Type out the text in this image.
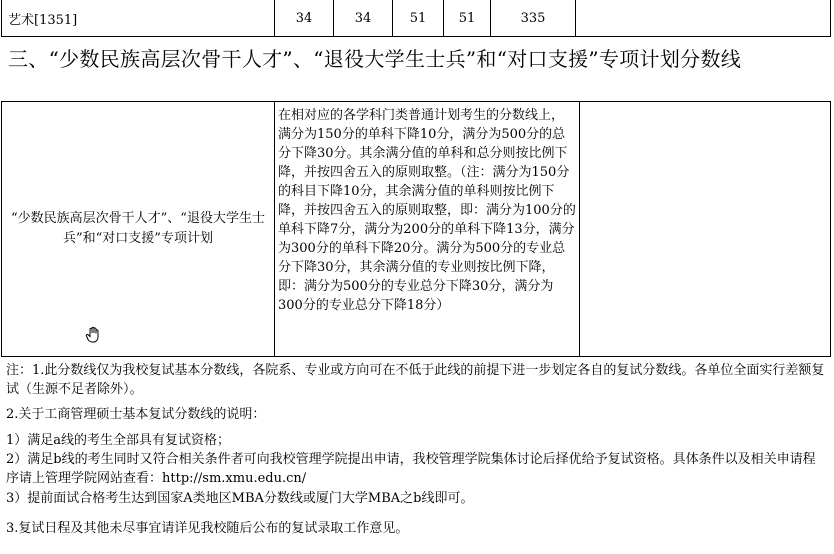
艺术[1351]	34	34	51	51	335	
三、“少数民族高层次骨干人才”、“退役大学生士兵”和“对口支援”专项计划分数线
“少数民族高层次骨干人才”、“退役大学生士兵”和“对口支援”专项计划	在相对应的各学科门类普通计划考生的分数线上，满分为150分的单科下降10分，满分为500分的总分下降30分。其余满分值的单科和总分则按比例下降，并按四舍五入的原则取整。（注：满分为150分的科目下降10分，其余满分值的单科则按比例下降，并按四舍五入的原则取整，即：满分为100分的单科下降7分，满分为200分的单科下降13分，满分为300分的单科下降20分。满分为500分的专业总分下降30分，其余满分值的专业则按比例下降，即：满分为500分的专业总分下降30分，满分为300分的专业总分下降18分）	
注：1.此分数线仅为我校复试基本分数线，各院系、专业或方向可在不低于此线的前提下进一步划定各自的复试分数线。各单位全面实行差额复试（生源不足者除外）。
2.关于工商管理硕士基本复试分数线的说明：
1）满足a线的考生全部具有复试资格；
2）满足b线的考生同时又符合相关条件者可向我校管理学院提出申请，我校管理学院集体讨论后择优给予复试资格。具体条件以及相关申请程序请上管理学院网站查看：http://sm.xmu.edu.cn/
3）提前面试合格考生达到国家A类地区MBA分数线或厦门大学MBA之b线即可。
3.复试日程及其他未尽事宜请详见我校随后公布的复试录取工作意见。
